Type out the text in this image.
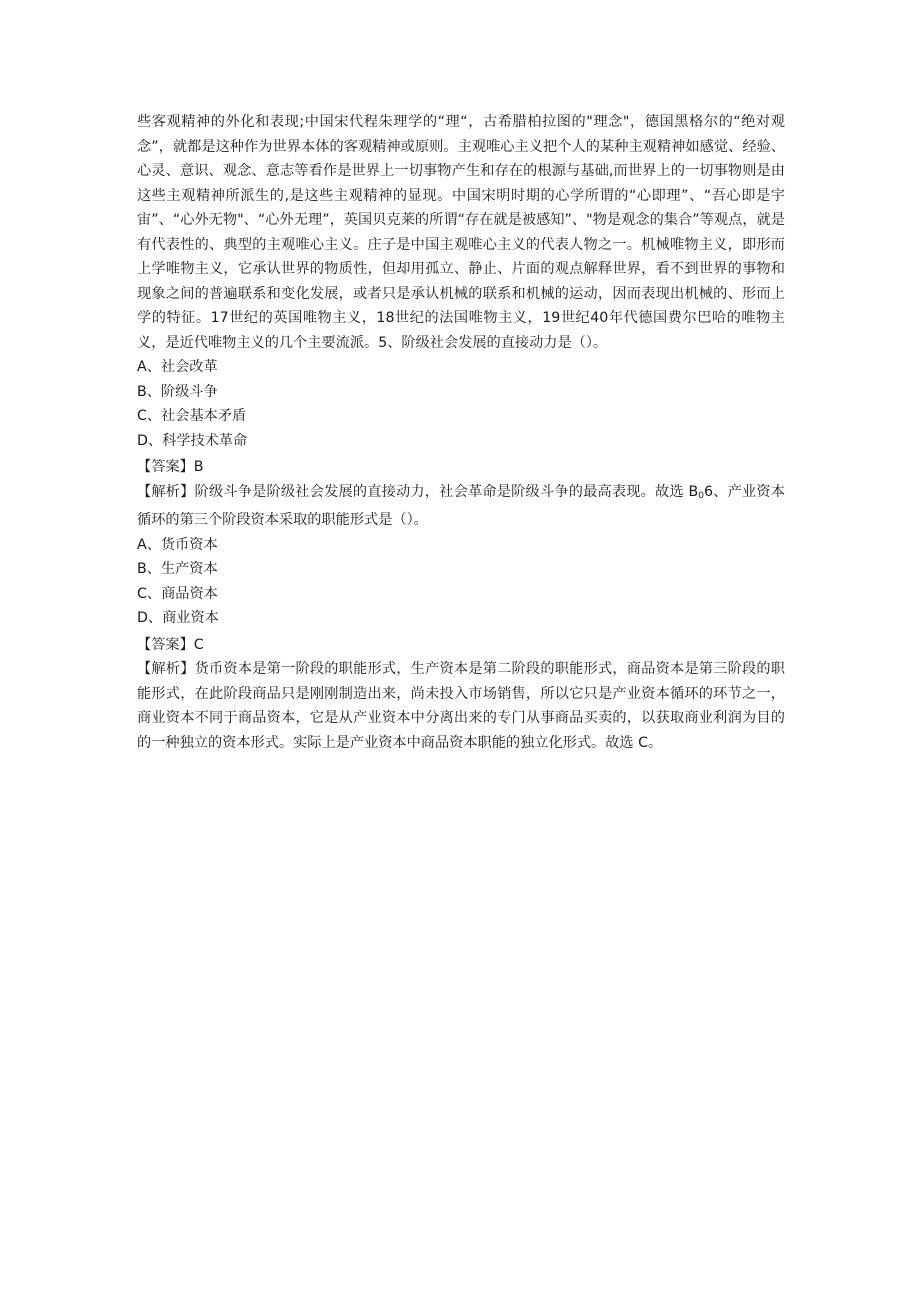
些客观精神的外化和表现;中国宋代程朱理学的“理“，古希腊柏拉图的"理念"，德国黑格尔的“绝对观念”，就都是这种作为世界本体的客观精神或原则。主观唯心主义把个人的某种主观精神如感觉、经验、心灵、意识、观念、意志等看作是世界上一切事物产生和存在的根源与基础,而世界上的一切事物则是由这些主观精神所派生的,是这些主观精神的显现。中国宋明时期的心学所谓的“心即理”、“吾心即是宇宙”、“心外无物"、“心外无理”，英国贝克莱的所谓“存在就是被感知”、"物是观念的集合”等观点，就是有代表性的、典型的主观唯心主义。庄子是中国主观唯心主义的代表人物之一。机械唯物主义，即形而上学唯物主义，它承认世界的物质性，但却用孤立、静止、片面的观点解释世界，看不到世界的事物和现象之间的普遍联系和变化发展，或者只是承认机械的联系和机械的运动，因而表现出机械的、形而上学的特征。17世纪的英国唯物主义，18世纪的法国唯物主义，19世纪40年代德国费尔巴哈的唯物主义，是近代唯物主义的几个主要流派。5、阶级社会发展的直接动力是（）。

A、社会改革

B、阶级斗争

C、社会基本矛盾

D、科学技术革命

【答案】B

【解析】阶级斗争是阶级社会发展的直接动力，社会革命是阶级斗争的最高表现。故选 $B_06$、产业资本循环的第三个阶段资本采取的职能形式是（）。

A、货币资本

B、生产资本

C、商品资本

D、商业资本

【答案】C

【解析】货币资本是第一阶段的职能形式，生产资本是第二阶段的职能形式，商品资本是第三阶段的职能形式，在此阶段商品只是刚刚制造出来，尚未投入市场销售，所以它只是产业资本循环的环节之一，商业资本不同于商品资本，它是从产业资本中分离出来的专门从事商品买卖的，以获取商业利润为目的的一种独立的资本形式。实际上是产业资本中商品资本职能的独立化形式。故选 C。
